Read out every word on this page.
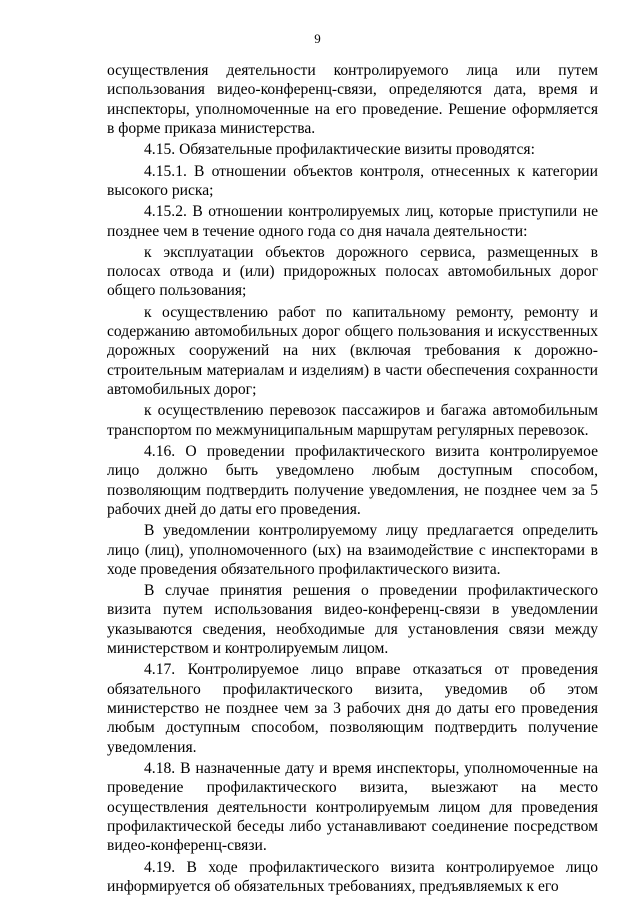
9

осуществления деятельности контролируемого лица или путем использования видео-конференц-связи, определяются дата, время и инспекторы, уполномоченные на его проведение. Решение оформляется в форме приказа министерства.

4.15. Обязательные профилактические визиты проводятся:

4.15.1. В отношении объектов контроля, отнесенных к категории высокого риска;

4.15.2. В отношении контролируемых лиц, которые приступили не позднее чем в течение одного года со дня начала деятельности:

к эксплуатации объектов дорожного сервиса, размещенных в полосах отвода и (или) придорожных полосах автомобильных дорог общего пользования;

к осуществлению работ по капитальному ремонту, ремонту и содержанию автомобильных дорог общего пользования и искусственных дорожных сооружений на них (включая требования к дорожно-строительным материалам и изделиям) в части обеспечения сохранности автомобильных дорог;

к осуществлению перевозок пассажиров и багажа автомобильным транспортом по межмуниципальным маршрутам регулярных перевозок.

4.16. О проведении профилактического визита контролируемое лицо должно быть уведомлено любым доступным способом, позволяющим подтвердить получение уведомления, не позднее чем за 5 рабочих дней до даты его проведения.

В уведомлении контролируемому лицу предлагается определить лицо (лиц), уполномоченного (ых) на взаимодействие с инспекторами в ходе проведения обязательного профилактического визита.

В случае принятия решения о проведении профилактического визита путем использования видео-конференц-связи в уведомлении указываются сведения, необходимые для установления связи между министерством и контролируемым лицом.

4.17. Контролируемое лицо вправе отказаться от проведения обязательного профилактического визита, уведомив об этом министерство не позднее чем за 3 рабочих дня до даты его проведения любым доступным способом, позволяющим подтвердить получение уведомления.

4.18. В назначенные дату и время инспекторы, уполномоченные на проведение профилактического визита, выезжают на место осуществления деятельности контролируемым лицом для проведения профилактической беседы либо устанавливают соединение посредством видео-конференц-связи.

4.19. В ходе профилактического визита контролируемое лицо информируется об обязательных требованиях, предъявляемых к его
